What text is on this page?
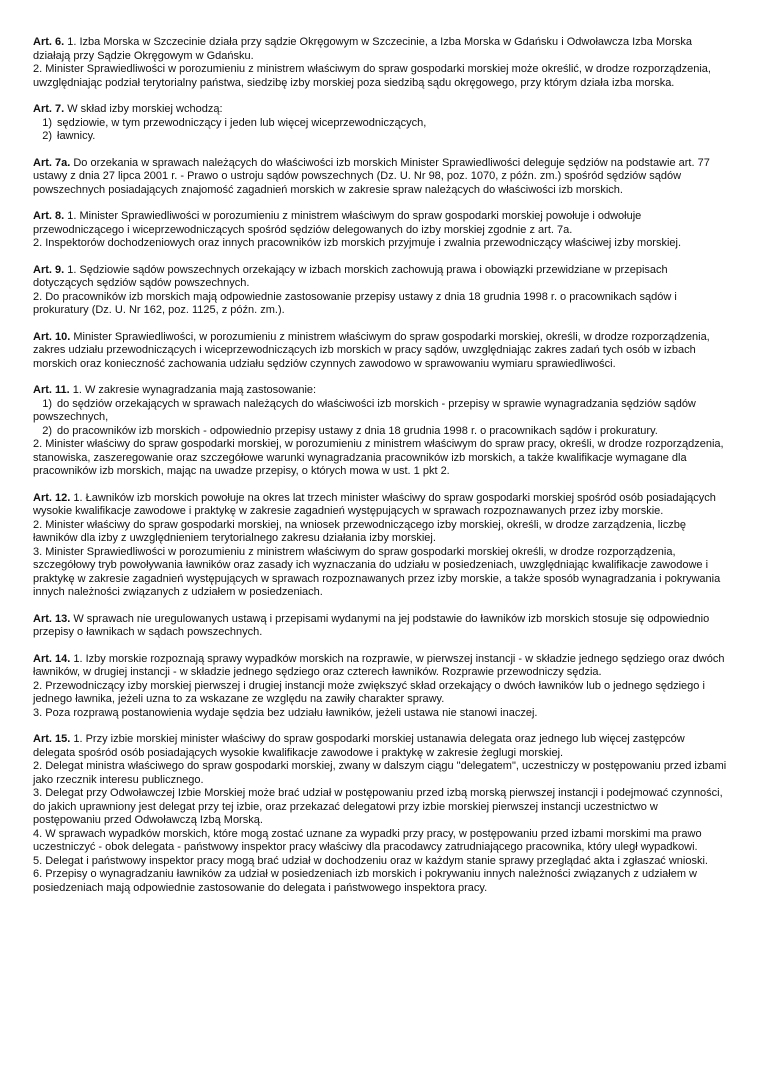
Art. 6. 1. Izba Morska w Szczecinie działa przy sądzie Okręgowym w Szczecinie, a Izba Morska w Gdańsku i Odwoławcza Izba Morska działają przy Sądzie Okręgowym w Gdańsku.

2. Minister Sprawiedliwości w porozumieniu z ministrem właściwym do spraw gospodarki morskiej może określić, w drodze rozporządzenia, uwzględniając podział terytorialny państwa, siedzibę izby morskiej poza siedzibą sądu okręgowego, przy którym działa izba morska.

Art. 7. W skład izby morskiej wchodzą:

1) sędziowie, w tym przewodniczący i jeden lub więcej wiceprzewodniczących,

2) ławnicy.

Art. 7a. Do orzekania w sprawach należących do właściwości izb morskich Minister Sprawiedliwości deleguje sędziów na podstawie art. 77 ustawy z dnia 27 lipca 2001 r. - Prawo o ustroju sądów powszechnych (Dz. U. Nr 98, poz. 1070, z późn. zm.) spośród sędziów sądów powszechnych posiadających znajomość zagadnień morskich w zakresie spraw należących do właściwości izb morskich.

Art. 8. 1. Minister Sprawiedliwości w porozumieniu z ministrem właściwym do spraw gospodarki morskiej powołuje i odwołuje przewodniczącego i wiceprzewodniczących spośród sędziów delegowanych do izby morskiej zgodnie z art. 7a.

2. Inspektorów dochodzeniowych oraz innych pracowników izb morskich przyjmuje i zwalnia przewodniczący właściwej izby morskiej.

Art. 9. 1. Sędziowie sądów powszechnych orzekający w izbach morskich zachowują prawa i obowiązki przewidziane w przepisach dotyczących sędziów sądów powszechnych.

2. Do pracowników izb morskich mają odpowiednie zastosowanie przepisy ustawy z dnia 18 grudnia 1998 r. o pracownikach sądów i prokuratury (Dz. U. Nr 162, poz. 1125, z późn. zm.).

Art. 10. Minister Sprawiedliwości, w porozumieniu z ministrem właściwym do spraw gospodarki morskiej, określi, w drodze rozporządzenia, zakres udziału przewodniczących i wiceprzewodniczących izb morskich w pracy sądów, uwzględniając zakres zadań tych osób w izbach morskich oraz konieczność zachowania udziału sędziów czynnych zawodowo w sprawowaniu wymiaru sprawiedliwości.

Art. 11. 1. W zakresie wynagradzania mają zastosowanie:

1) do sędziów orzekających w sprawach należących do właściwości izb morskich - przepisy w sprawie wynagradzania sędziów sądów powszechnych,

2) do pracowników izb morskich - odpowiednio przepisy ustawy z dnia 18 grudnia 1998 r. o pracownikach sądów i prokuratury.

2. Minister właściwy do spraw gospodarki morskiej, w porozumieniu z ministrem właściwym do spraw pracy, określi, w drodze rozporządzenia, stanowiska, zaszeregowanie oraz szczegółowe warunki wynagradzania pracowników izb morskich, a także kwalifikacje wymagane dla pracowników izb morskich, mając na uwadze przepisy, o których mowa w ust. 1 pkt 2.

Art. 12. 1. Ławników izb morskich powołuje na okres lat trzech minister właściwy do spraw gospodarki morskiej spośród osób posiadających wysokie kwalifikacje zawodowe i praktykę w zakresie zagadnień występujących w sprawach rozpoznawanych przez izby morskie.

2. Minister właściwy do spraw gospodarki morskiej, na wniosek przewodniczącego izby morskiej, określi, w drodze zarządzenia, liczbę ławników dla izby z uwzględnieniem terytorialnego zakresu działania izby morskiej.

3. Minister Sprawiedliwości w porozumieniu z ministrem właściwym do spraw gospodarki morskiej określi, w drodze rozporządzenia, szczegółowy tryb powoływania ławników oraz zasady ich wyznaczania do udziału w posiedzeniach, uwzględniając kwalifikacje zawodowe i praktykę w zakresie zagadnień występujących w sprawach rozpoznawanych przez izby morskie, a także sposób wynagradzania i pokrywania innych należności związanych z udziałem w posiedzeniach.

Art. 13. W sprawach nie uregulowanych ustawą i przepisami wydanymi na jej podstawie do ławników izb morskich stosuje się odpowiednio przepisy o ławnikach w sądach powszechnych.

Art. 14. 1. Izby morskie rozpoznają sprawy wypadków morskich na rozprawie, w pierwszej instancji - w składzie jednego sędziego oraz dwóch ławników, w drugiej instancji - w składzie jednego sędziego oraz czterech ławników. Rozprawie przewodniczy sędzia.

2. Przewodniczący izby morskiej pierwszej i drugiej instancji może zwiększyć skład orzekający o dwóch ławników lub o jednego sędziego i jednego ławnika, jeżeli uzna to za wskazane ze względu na zawiły charakter sprawy.

3. Poza rozprawą postanowienia wydaje sędzia bez udziału ławników, jeżeli ustawa nie stanowi inaczej.

Art. 15. 1. Przy izbie morskiej minister właściwy do spraw gospodarki morskiej ustanawia delegata oraz jednego lub więcej zastępców delegata spośród osób posiadających wysokie kwalifikacje zawodowe i praktykę w zakresie żeglugi morskiej.

2. Delegat ministra właściwego do spraw gospodarki morskiej, zwany w dalszym ciągu "delegatem", uczestniczy w postępowaniu przed izbami jako rzecznik interesu publicznego.

3. Delegat przy Odwoławczej Izbie Morskiej może brać udział w postępowaniu przed izbą morską pierwszej instancji i podejmować czynności, do jakich uprawniony jest delegat przy tej izbie, oraz przekazać delegatowi przy izbie morskiej pierwszej instancji uczestnictwo w postępowaniu przed Odwoławczą Izbą Morską.

4. W sprawach wypadków morskich, które mogą zostać uznane za wypadki przy pracy, w postępowaniu przed izbami morskimi ma prawo uczestniczyć - obok delegata - państwowy inspektor pracy właściwy dla pracodawcy zatrudniającego pracownika, który uległ wypadkowi.

5. Delegat i państwowy inspektor pracy mogą brać udział w dochodzeniu oraz w każdym stanie sprawy przeglądać akta i zgłaszać wnioski.

6. Przepisy o wynagradzaniu ławników za udział w posiedzeniach izb morskich i pokrywaniu innych należności związanych z udziałem w posiedzeniach mają odpowiednie zastosowanie do delegata i państwowego inspektora pracy.
